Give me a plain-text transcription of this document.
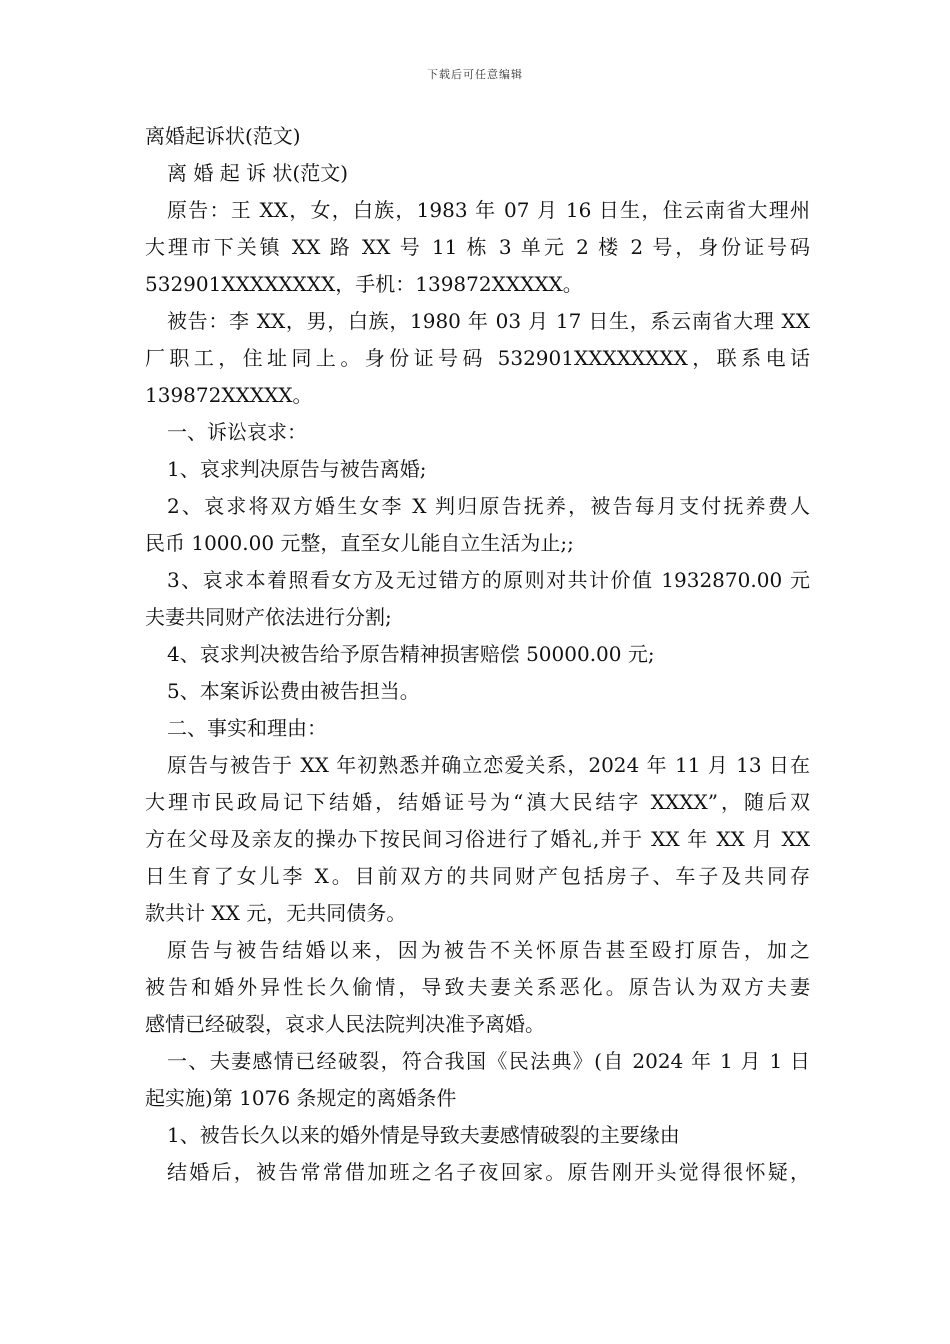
下载后可任意编辑
离婚起诉状(范文)
离 婚 起 诉 状(范文)
原告：王 XX，女，白族，1983 年 07 月 16 日生，住云南省大理州
大理市下关镇 XX 路 XX 号 11 栋 3 单元 2 楼 2 号，身份证号码
532901XXXXXXXX，手机：139872XXXXX。
被告：李 XX，男，白族，1980 年 03 月 17 日生，系云南省大理 XX
厂职工，住址同上。身份证号码 532901XXXXXXXX，联系电话
139872XXXXX。
一、诉讼哀求：
1、哀求判决原告与被告离婚;
2、哀求将双方婚生女李 X 判归原告抚养，被告每月支付抚养费人
民币 1000.00 元整，直至女儿能自立生活为止;;
3、哀求本着照看女方及无过错方的原则对共计价值 1932870.00 元
夫妻共同财产依法进行分割;
4、哀求判决被告给予原告精神损害赔偿 50000.00 元;
5、本案诉讼费由被告担当。
二、事实和理由：
原告与被告于 XX 年初熟悉并确立恋爱关系，2024 年 11 月 13 日在
大理市民政局记下结婚，结婚证号为“滇大民结字 XXXX”，随后双
方在父母及亲友的操办下按民间习俗进行了婚礼,并于 XX 年 XX 月 XX
日生育了女儿李 X。目前双方的共同财产包括房子、车子及共同存
款共计 XX 元，无共同债务。
原告与被告结婚以来，因为被告不关怀原告甚至殴打原告，加之
被告和婚外异性长久偷情，导致夫妻关系恶化。原告认为双方夫妻
感情已经破裂，哀求人民法院判决准予离婚。
一、夫妻感情已经破裂，符合我国《民法典》(自 2024 年 1 月 1 日
起实施)第 1076 条规定的离婚条件
1、被告长久以来的婚外情是导致夫妻感情破裂的主要缘由
结婚后，被告常常借加班之名子夜回家。原告刚开头觉得很怀疑，
